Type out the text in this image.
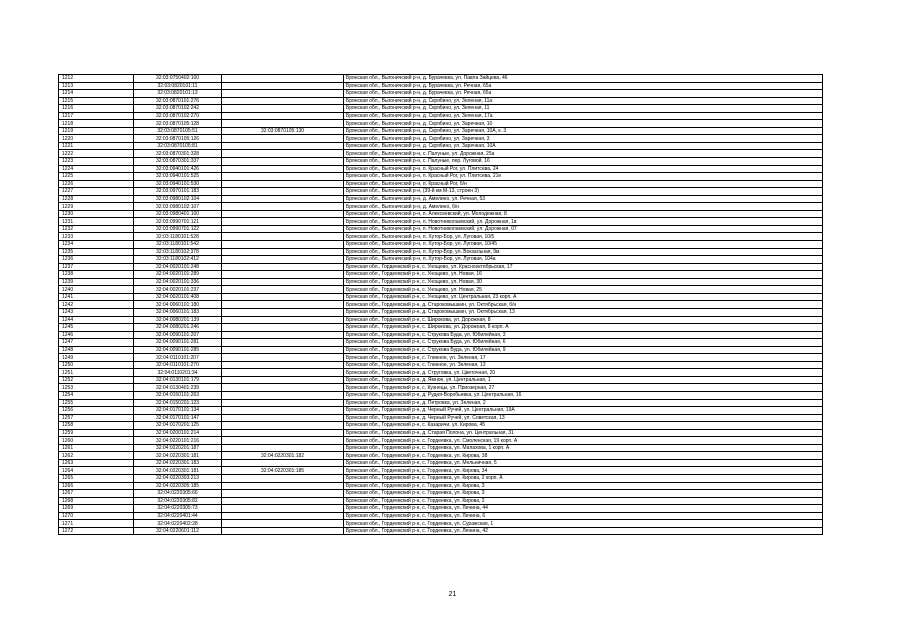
1212	32:03:0750402:100		Брянская обл., Выгоничский р-н, д. Бурачевка, ул. Павла Зайцева, 46
1213	32:03:0820101:11		Брянская обл., Выгоничский р-н, д. Бурачевка, ул. Речная, 65а
1214	32:03:0820101:13		Брянская обл., Выгоничский р-н, д. Бурачевка, ул. Речная, 65а
1215	32:03:0870101:276		Брянская обл., Выгоничский р-н, д. Скрябино, ул. Зеленая, 11а
1216	32:03:0870102:242		Брянская обл., Выгоничский р-н, д. Скрябино, ул. Зеленая, 11
1217	32:03:0870102:270		Брянская обл., Выгоничский р-н, д. Скрябино, ул. Зеленая, 17а
1218	32:03:0870105:128		Брянская обл., Выгоничский р-н, д. Скрябино, ул. Заречная, 10
1219	32:03:0870105:51	32:03:0870105:130	Брянская обл., Выгоничский р-н, д. Скрябино, ул. Заречная, 10А, к. 3
1220	32:03:0870105:126		Брянская обл., Выгоничский р-н, д. Скрябино, ул. Заречная, 3
1221	32:03:0870105:81		Брянская обл., Выгоничский р-н, д. Скрябино, ул. Заречная, 10А
1222	32:03:0870301:328		Брянская обл., Выгоничский р-н, с. Палуные, ул. Дорожная, 25а
1223	32:03:0870301:337		Брянская обл., Выгоничский р-н, с. Палуные, пер. Луговой, 16
1224	32:03:0940101:426		Брянская обл., Выгоничский р-н, п. Красный Рог, ул. Плитсева, 24
1225	32:03:0940101:525		Брянская обл., Выгоничский р-н, п. Красный Рог, ул. Плитсева, 21е
1226	32:03:0940101:530		Брянская обл., Выгоничский р-н, п. Красный Рог, б/н
1227	32:03:0970101:183		Брянская обл., Выгоничский р-н, (39-й км М-13, строен 3)
1228	32:03:0980102:104		Брянская обл., Выгоничский р-н, д. Амелино, ул. Речная, 53
1229	32:03:0980102:107		Брянская обл., Выгоничский р-н, д. Амелино, б/н
1230	32:03:0980401:100		Брянская обл., Выгоничский р-н, п. Алексеевский, ул. Молодежная, 8
1231	32:03:0990701:121		Брянская обл., Выгоничский р-н, п. Новотниколаевский, ул. Дорожная, 1в
1232	32:03:0990701:122		Брянская обл., Выгоничский р-н, п. Новотниколаевский, ул. Дорожная, 07
1233	32:03:1180101:528		Брянская обл., Выгоничский р-н, п. Хутор-Бор, ул. Луговая, 10/5
1234	32:03:1180101:542		Брянская обл., Выгоничский р-н, п. Хутор-Бор, ул. Луговая, 10/45
1235	32:03:1180102:378		Брянская обл., Выгоничский р-н, п. Хутор-Бор, ул. Вокзальная, 9м
1236	32:03:1180102:412		Брянская обл., Выгоничский р-н, п. Хутор-Бор, ул. Луговая, 104а
1237	32:04:0020101:248		Брянская обл., Гордеевский р-н, с. Унощево, ул. Краснооктябрьская, 17
1238	32:04:0020101:289		Брянская обл., Гордеевский р-н, с. Унощево, ул. Новая, 16
1239	32:04:0020101:336		Брянская обл., Гордеевский р-н, с. Унощево, ул. Новая, 30
1240	32:04:0020101:237		Брянская обл., Гордеевский р-н, с. Унощево, ул. Новая, 25
1241	32:04:0020101:408		Брянская обл., Гордеевский р-н, с. Унощево, ул. Центральная, 23 корп. А
1242	32:04:0060101:180		Брянская обл., Гордеевский р-н, д. Старокомышкин, ул. Октябрьская, б/н
1243	32:04:0060101:183		Брянская обл., Гордеевский р-н, д. Старокомышкин, ул. Октябрьская, 13
1244	32:04:0080201:139		Брянская обл., Гордеевский р-н, с. Широкова, ул. Дорожная, 8
1245	32:04:0080201:246		Брянская обл., Гордеевский р-н, с. Широкова, ул. Дорожная, 8 корп. А
1246	32:04:0090101:207		Брянская обл., Гордеевский р-н, с. Струкова Буда, ул. Юбилейная, 3
1247	32:04:0090101:281		Брянская обл., Гордеевский р-н, с. Струкова Буда, ул. Юбилейная, 6
1248	32:04:0090101:285		Брянская обл., Гордеевский р-н, с. Струкова Буда, ул. Юбилейная, 9
1249	32:04:0110101:207		Брянская обл., Гордеевский р-н, с. Глинное, ул. Зеленая, 17
1250	32:04:0110101:270		Брянская обл., Гордеевский р-н, с. Глинное, ул. Зеленая, 13
1251	32:04:0110201:34		Брянская обл., Гордеевский р-н, д. Струговка, ул. Цветочная, 20
1252	32:04:0130101:179		Брянская обл., Гордеевский р-н, д. Ямное, ул. Центральная, 1
1253	32:04:0130401:239		Брянская обл., Гордеевский р-н, с. Кузнецы, ул. Приозерная, 27
1254	32:04:0150101:263		Брянская обл., Гордеевский р-н, д. Рудня-Воробьевка, ул. Центральная, 16
1255	32:04:0150201:123		Брянская обл., Гордеевский р-н, д. Петровка, ул. Зеленая, 2
1256	32:04:0170101:134		Брянская обл., Гордеевский р-н, д. Черный Ручей, ул. Центральная, 19А
1257	32:04:0170101:147		Брянская обл., Гордеевский р-н, д. Черный Ручей, ул. Советская, 13
1258	32:04:0170201:125		Брянская обл., Гордеевский р-н, с. Казаричи, ул. Кирова, 45
1259	32:04:0200101:214		Брянская обл., Гордеевский р-н, д. Старая Полона, ул. Центральная, 31
1260	32:04:0220101:216		Брянская обл., Гордеевский р-н, с. Гордеевка, ул. Смоленская, 19 корп. А
1261	32:04:0220201:187		Брянская обл., Гордеевский р-н, с. Гордеевка, ул. Малахова, 1 корп. А
1262	32:04:0220301:181	32:04:0220301:182	Брянская обл., Гордеевский р-н, с. Гордеевка, ул. Кирова, 38
1263	32:04:0220301:183		Брянская обл., Гордеевский р-н, с. Гордеевка, ул. Мельничная, 5
1264	32:04:0220301:181	32:04:0220301:185	Брянская обл., Гордеевский р-н, с. Гордеевка, ул. Кирова, 34
1265	32:04:0220303:213		Брянская обл., Гордеевский р-н, с. Гордеевка, ул. Кирова, 2 корп. А
1266	32:04:0220305:185		Брянская обл., Гордеевский р-н, с. Гордеевка, ул. Кирова, 3
1267	32:04:0220305:66		Брянская обл., Гордеевский р-н, с. Гордеевка, ул. Кирова, 3
1268	32:04:0220305:82		Брянская обл., Гордеевский р-н, с. Гордеевка, ул. Кирова, 2
1269	32:04:0220305:73		Брянская обл., Гордеевский р-н, с. Гордеевка, ул. Ленина, 44
1270	32:04:0220401:44		Брянская обл., Гордеевский р-н, с. Гордеевка, ул. Ленина, 6
1271	32:04:0220402:28		Брянская обл., Гордеевский р-н, с. Гордеевка, ул. Суражская, 1
1272	32:04:0220601:112		Брянская обл., Гордеевский р-н, с. Гордеевка, ул. Ленина, 42
21
